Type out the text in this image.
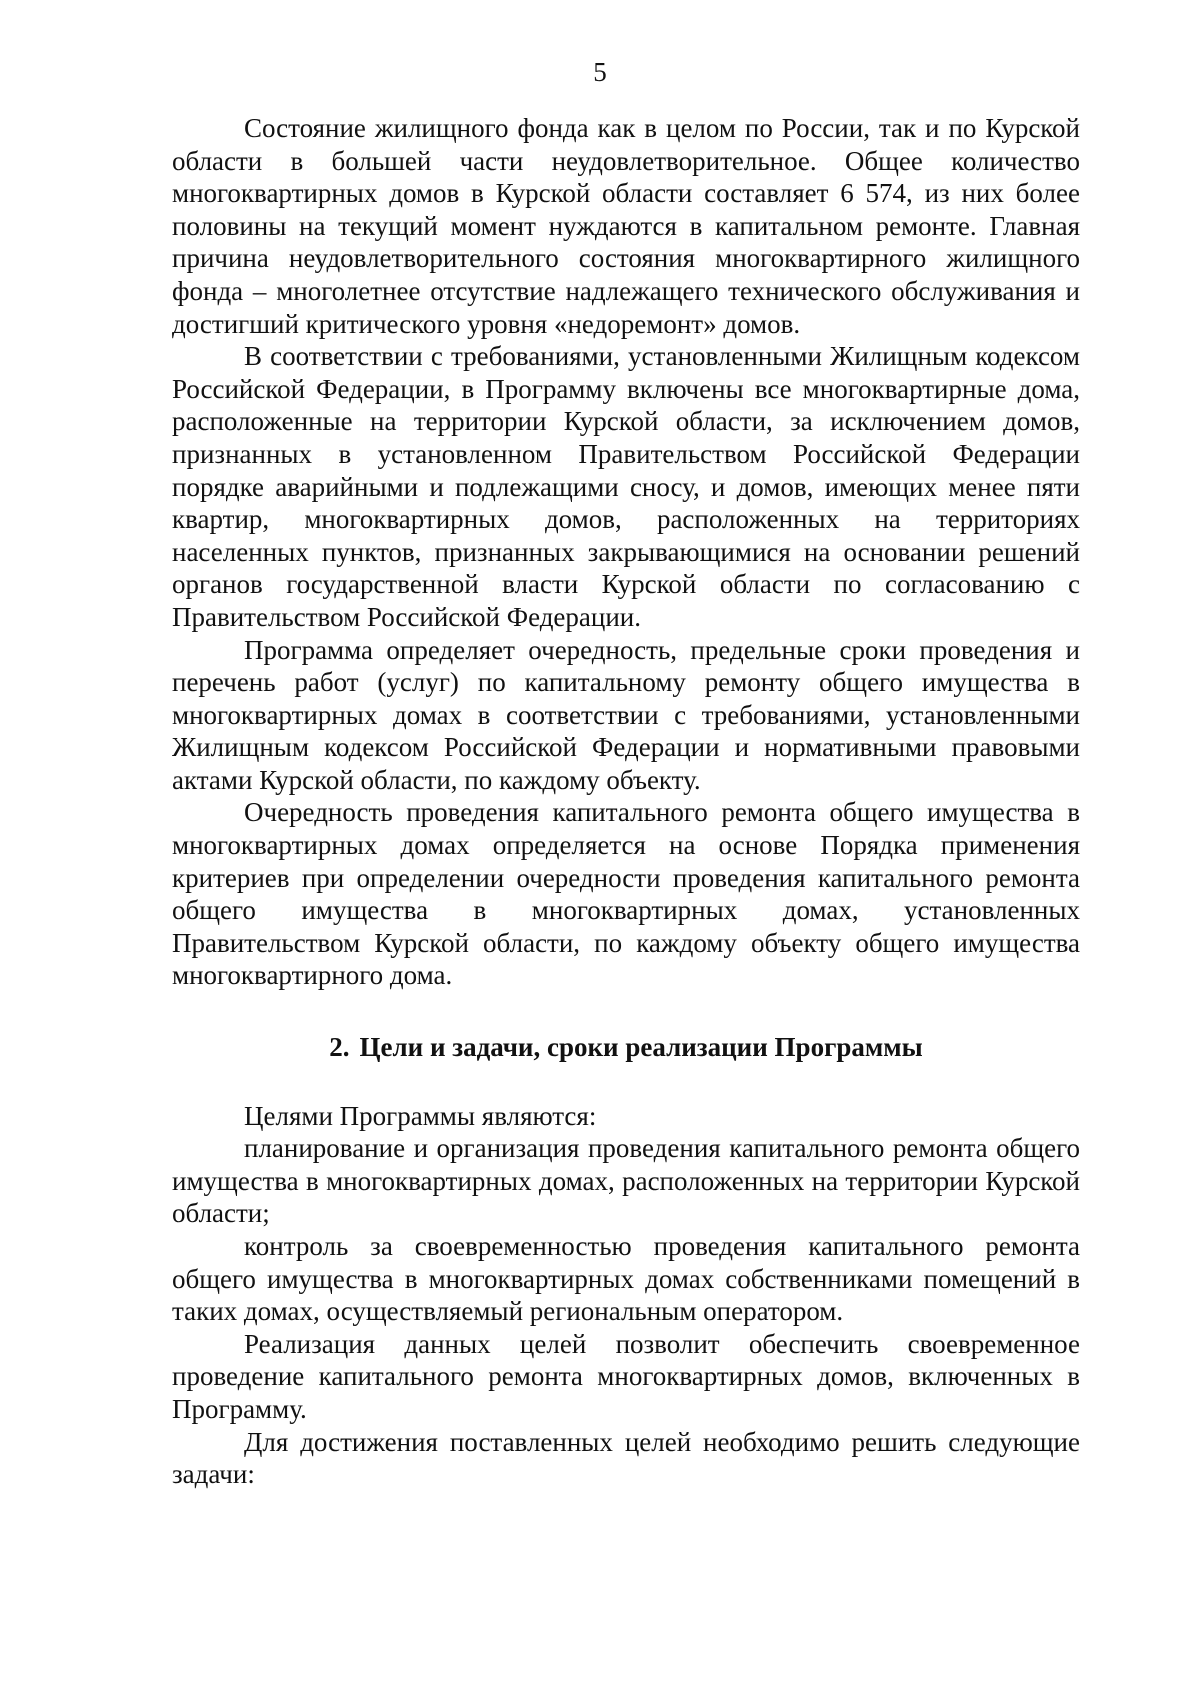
5

Состояние жилищного фонда как в целом по России, так и по Курской области в большей части неудовлетворительное. Общее количество многоквартирных домов в Курской области составляет 6 574, из них более половины на текущий момент нуждаются в капитальном ремонте. Главная причина неудовлетворительного состояния многоквартирного жилищного фонда – многолетнее отсутствие надлежащего технического обслуживания и достигший критического уровня «недоремонт» домов.

В соответствии с требованиями, установленными Жилищным кодексом Российской Федерации, в Программу включены все многоквартирные дома, расположенные на территории Курской области, за исключением домов, признанных в установленном Правительством Российской Федерации порядке аварийными и подлежащими сносу, и домов, имеющих менее пяти квартир, многоквартирных домов, расположенных на территориях населенных пунктов, признанных закрывающимися на основании решений органов государственной власти Курской области по согласованию с Правительством Российской Федерации.

Программа определяет очередность, предельные сроки проведения и перечень работ (услуг) по капитальному ремонту общего имущества в многоквартирных домах в соответствии с требованиями, установленными Жилищным кодексом Российской Федерации и нормативными правовыми актами Курской области, по каждому объекту.

Очередность проведения капитального ремонта общего имущества в многоквартирных домах определяется на основе Порядка применения критериев при определении очередности проведения капитального ремонта общего имущества в многоквартирных домах, установленных Правительством Курской области, по каждому объекту общего имущества многоквартирного дома.

2. Цели и задачи, сроки реализации Программы

Целями Программы являются:

планирование и организация проведения капитального ремонта общего имущества в многоквартирных домах, расположенных на территории Курской области;

контроль за своевременностью проведения капитального ремонта общего имущества в многоквартирных домах собственниками помещений в таких домах, осуществляемый региональным оператором.

Реализация данных целей позволит обеспечить своевременное проведение капитального ремонта многоквартирных домов, включенных в Программу.

Для достижения поставленных целей необходимо решить следующие задачи:
